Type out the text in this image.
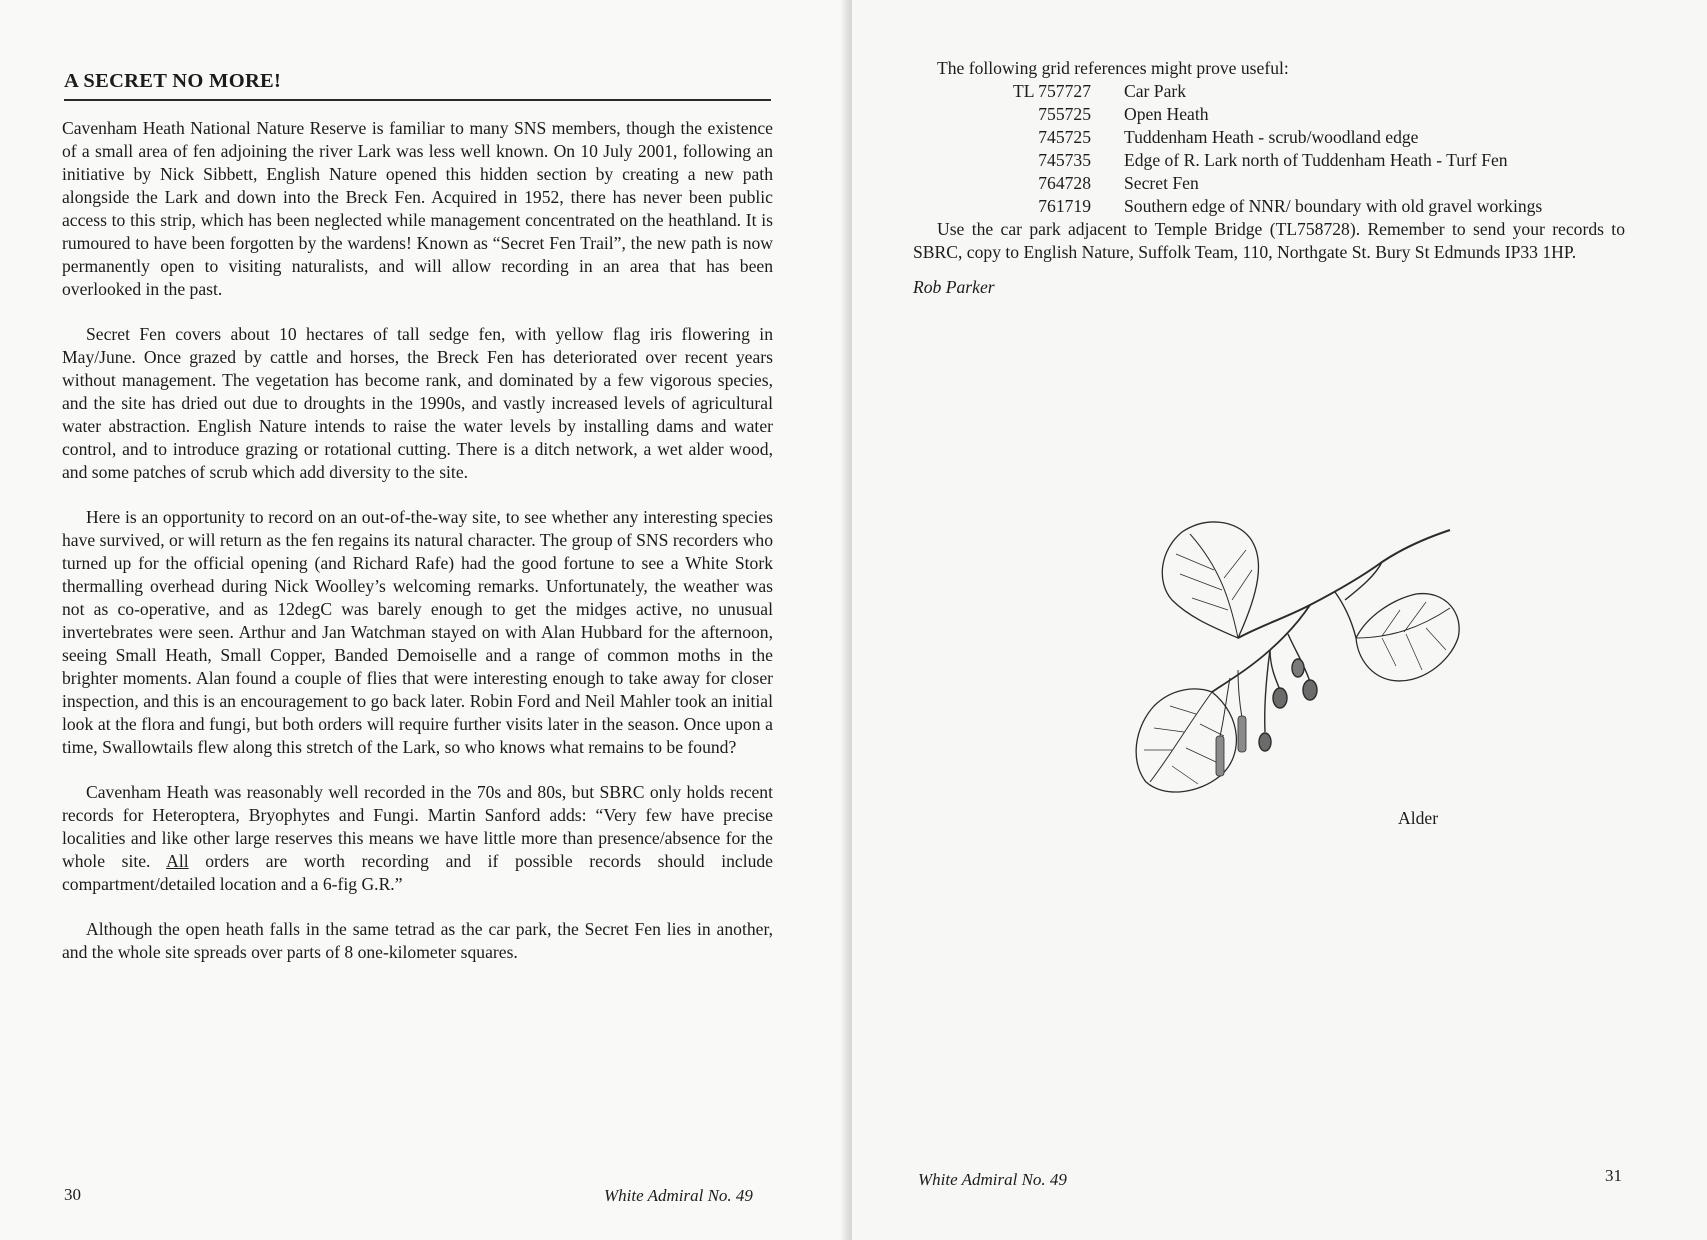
A SECRET NO MORE!

Cavenham Heath National Nature Reserve is familiar to many SNS members, though the existence of a small area of fen adjoining the river Lark was less well known. On 10 July 2001, following an initiative by Nick Sibbett, English Nature opened this hidden section by creating a new path alongside the Lark and down into the Breck Fen. Acquired in 1952, there has never been public access to this strip, which has been neglected while management concentrated on the heathland. It is rumoured to have been forgotten by the wardens! Known as “Secret Fen Trail”, the new path is now permanently open to visiting naturalists, and will allow recording in an area that has been overlooked in the past.

Secret Fen covers about 10 hectares of tall sedge fen, with yellow flag iris flowering in May/June. Once grazed by cattle and horses, the Breck Fen has deteriorated over recent years without management. The vegetation has become rank, and dominated by a few vigorous species, and the site has dried out due to droughts in the 1990s, and vastly increased levels of agricultural water abstraction. English Nature intends to raise the water levels by installing dams and water control, and to introduce grazing or rotational cutting. There is a ditch network, a wet alder wood, and some patches of scrub which add diversity to the site.

Here is an opportunity to record on an out-of-the-way site, to see whether any interesting species have survived, or will return as the fen regains its natural character. The group of SNS recorders who turned up for the official opening (and Richard Rafe) had the good fortune to see a White Stork thermalling overhead during Nick Woolley’s welcoming remarks. Unfortunately, the weather was not as co-operative, and as 12degC was barely enough to get the midges active, no unusual invertebrates were seen. Arthur and Jan Watchman stayed on with Alan Hubbard for the afternoon, seeing Small Heath, Small Copper, Banded Demoiselle and a range of common moths in the brighter moments. Alan found a couple of flies that were interesting enough to take away for closer inspection, and this is an encouragement to go back later. Robin Ford and Neil Mahler took an initial look at the flora and fungi, but both orders will require further visits later in the season. Once upon a time, Swallowtails flew along this stretch of the Lark, so who knows what remains to be found?

Cavenham Heath was reasonably well recorded in the 70s and 80s, but SBRC only holds recent records for Heteroptera, Bryophytes and Fungi. Martin Sanford adds: “Very few have precise localities and like other large reserves this means we have little more than presence/absence for the whole site. All orders are worth recording and if possible records should include compartment/detailed location and a 6-fig G.R.”

Although the open heath falls in the same tetrad as the car park, the Secret Fen lies in another, and the whole site spreads over parts of 8 one-kilometer squares.

30	White Admiral No. 49

The following grid references might prove useful:

TL 757727	Car Park
755725	Open Heath
745725	Tuddenham Heath - scrub/woodland edge
745735	Edge of R. Lark north of Tuddenham Heath - Turf Fen
764728	Secret Fen
761719	Southern edge of NNR/ boundary with old gravel workings

Use the car park adjacent to Temple Bridge (TL758728). Remember to send your records to SBRC, copy to English Nature, Suffolk Team, 110, Northgate St. Bury St Edmunds IP33 1HP.

Rob Parker

Alder
White Admiral No. 49	31
